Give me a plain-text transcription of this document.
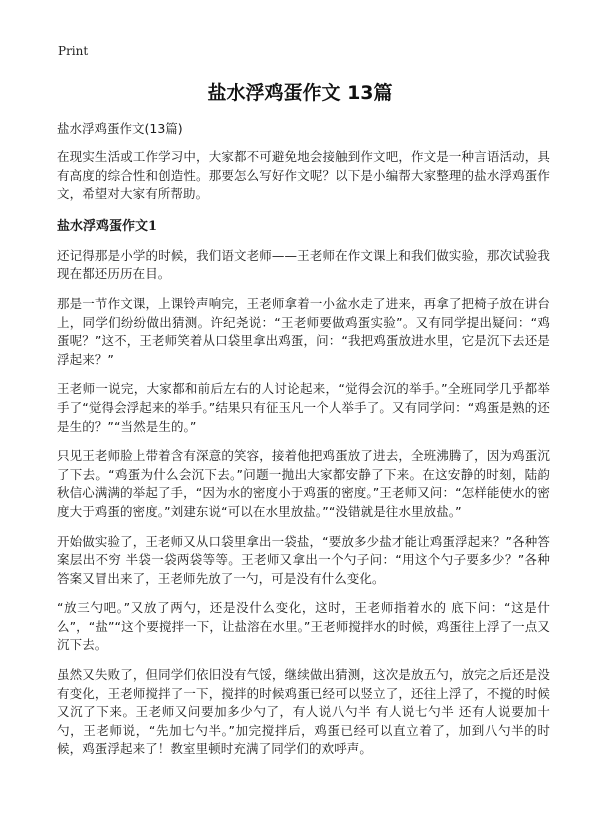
Print
盐水浮鸡蛋作文 13篇

盐水浮鸡蛋作文(13篇)

在现实生活或工作学习中，大家都不可避免地会接触到作文吧，作文是一种言语活动，具有高度的综合性和创造性。那要怎么写好作文呢？以下是小编帮大家整理的盐水浮鸡蛋作文，希望对大家有所帮助。

盐水浮鸡蛋作文1

还记得那是小学的时候，我们语文老师——王老师在作文课上和我们做实验，那次试验我现在都还历历在目。

那是一节作文课，上课铃声响完，王老师拿着一小盆水走了进来，再拿了把椅子放在讲台上，同学们纷纷做出猜测。许纪尧说：“王老师要做鸡蛋实验”。又有同学提出疑问：“鸡蛋呢？”这不，王老师笑着从口袋里拿出鸡蛋，问：“我把鸡蛋放进水里，它是沉下去还是浮起来？”

王老师一说完，大家都和前后左右的人讨论起来，“觉得会沉的举手。”全班同学几乎都举手了“觉得会浮起来的举手。”结果只有征玉凡一个人举手了。又有同学问：“鸡蛋是熟的还是生的？”“当然是生的。”

只见王老师脸上带着含有深意的笑容，接着他把鸡蛋放了进去，全班沸腾了，因为鸡蛋沉了下去。“鸡蛋为什么会沉下去。”问题一抛出大家都安静了下来。在这安静的时刻，陆韵秋信心满满的举起了手，“因为水的密度小于鸡蛋的密度。”王老师又问：“怎样能使水的密度大于鸡蛋的密度。”刘建东说“可以在水里放盐。”“没错就是往水里放盐。”

开始做实验了，王老师又从口袋里拿出一袋盐，“要放多少盐才能让鸡蛋浮起来？”各种答案层出不穷 半袋一袋两袋等等。王老师又拿出一个勺子问：“用这个勺子要多少？”各种答案又冒出来了，王老师先放了一勺，可是没有什么变化。

“放三勺吧。”又放了两勺，还是没什么变化，这时，王老师指着水的 底下问：“这是什么”，“盐”“这个要搅拌一下，让盐溶在水里。”王老师搅拌水的时候，鸡蛋往上浮了一点又沉下去。

虽然又失败了，但同学们依旧没有气馁，继续做出猜测，这次是放五勺，放完之后还是没有变化，王老师搅拌了一下，搅拌的时候鸡蛋已经可以竖立了，还往上浮了，不搅的时候又沉了下来。王老师又问要加多少勺了，有人说八勺半 有人说七勺半 还有人说要加十勺，王老师说，“先加七勺半。”加完搅拌后，鸡蛋已经可以直立着了，加到八勺半的时候，鸡蛋浮起来了！教室里顿时充满了同学们的欢呼声。
